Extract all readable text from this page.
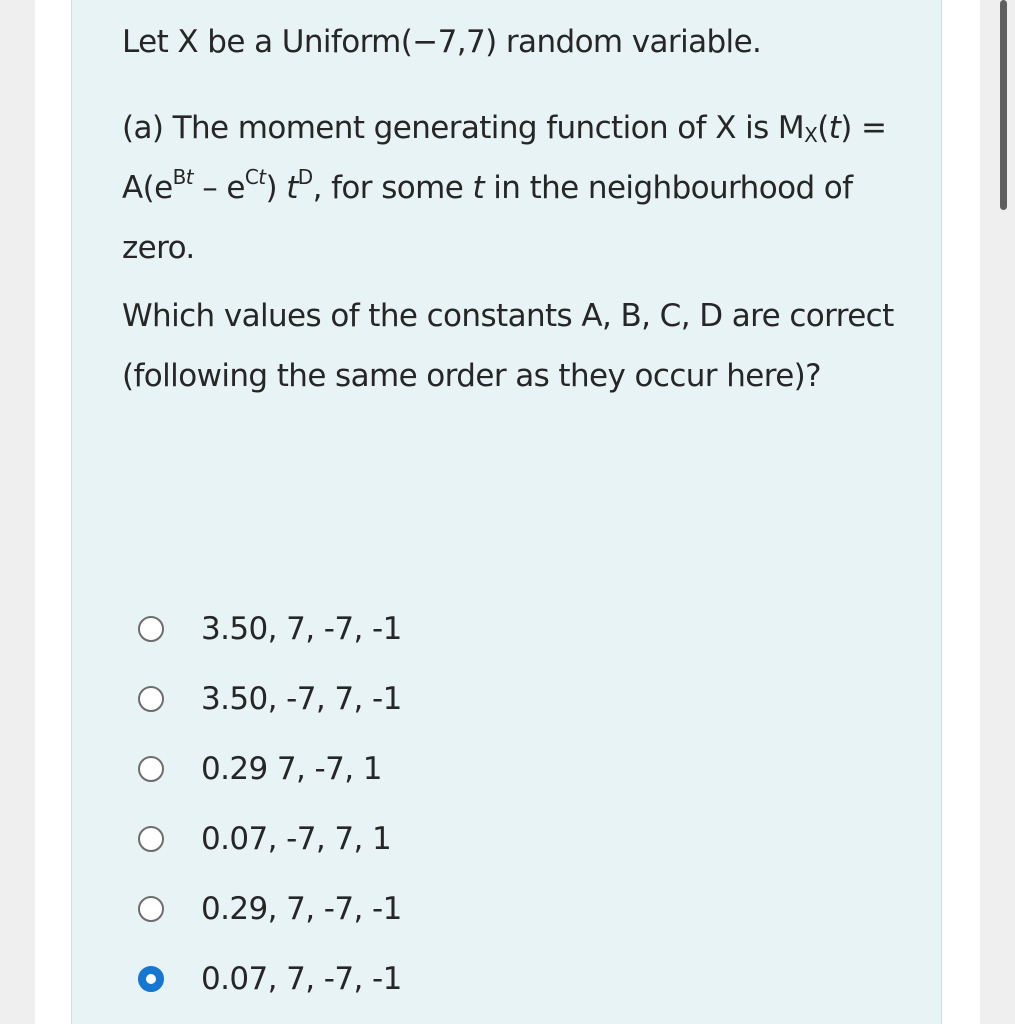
Let X be a Uniform(−7,7) random variable.
(a) The moment generating function of X is $M_X(t) = A(e^{Bt} - e^{Ct})$ $t^D$, for some t in the neighbourhood of zero.
Which values of the constants A, B, C, D are correct (following the same order as they occur here)?
3.50, 7, -7, -1
3.50, -7, 7, -1
0.29 7, -7, 1
0.07, -7, 7, 1
0.29, 7, -7, -1
0.07, 7, -7, -1
